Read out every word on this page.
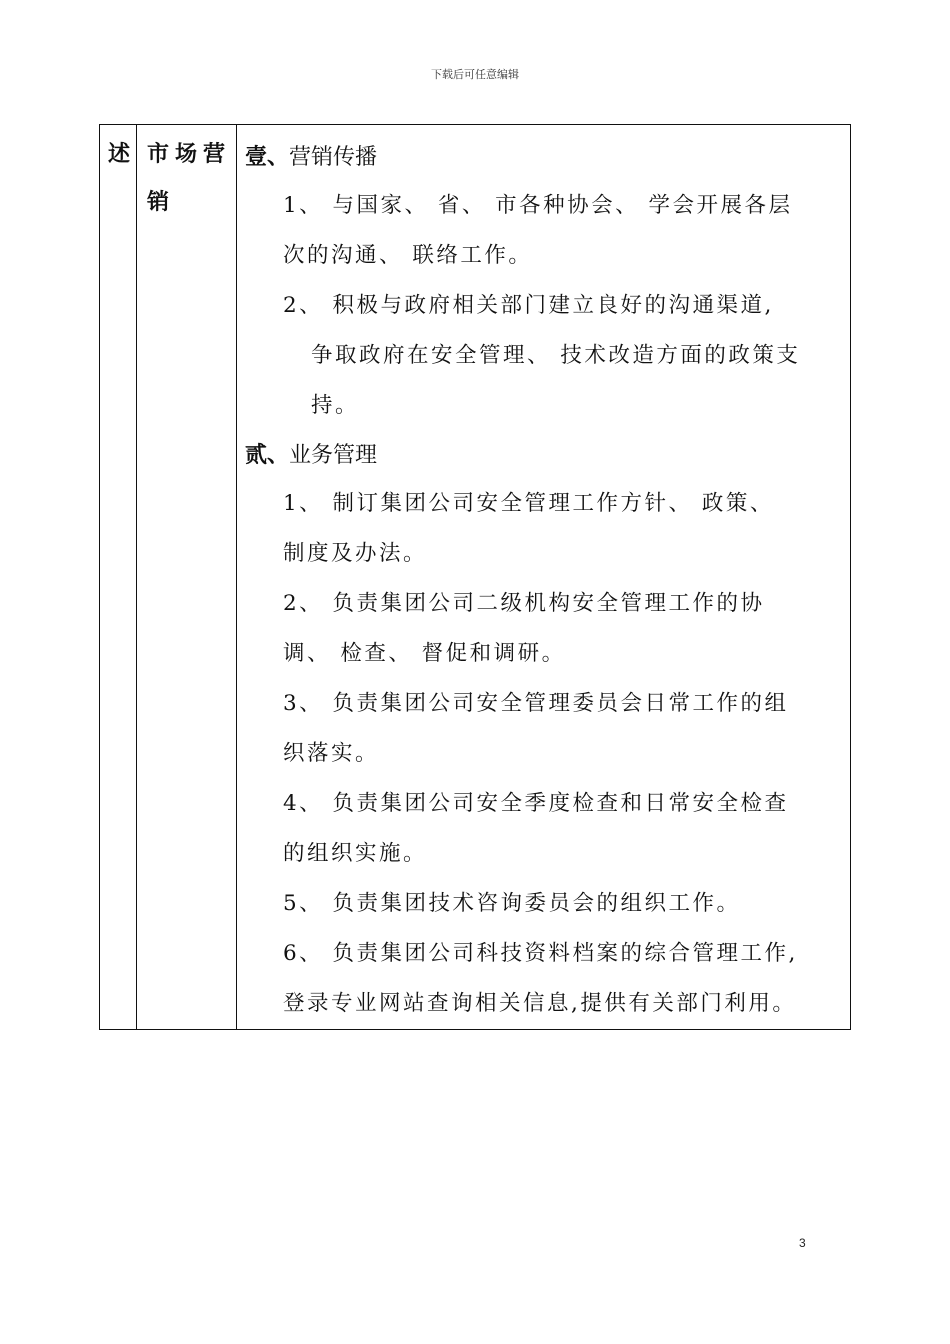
下载后可任意编辑
述	市场营销

壹、营销传播
1、 与国家、 省、 市各种协会、 学会开展各层
次的沟通、 联络工作。
2、 积极与政府相关部门建立良好的沟通渠道,
争取政府在安全管理、 技术改造方面的政策支
持。
贰、业务管理
1、 制订集团公司安全管理工作方针、 政策、
制度及办法。
2、 负责集团公司二级机构安全管理工作的协
调、 检查、 督促和调研。
3、 负责集团公司安全管理委员会日常工作的组
织落实。
4、 负责集团公司安全季度检查和日常安全检查
的组织实施。
5、 负责集团技术咨询委员会的组织工作。
6、 负责集团公司科技资料档案的综合管理工作,
登录专业网站查询相关信息,提供有关部门利用。
3
